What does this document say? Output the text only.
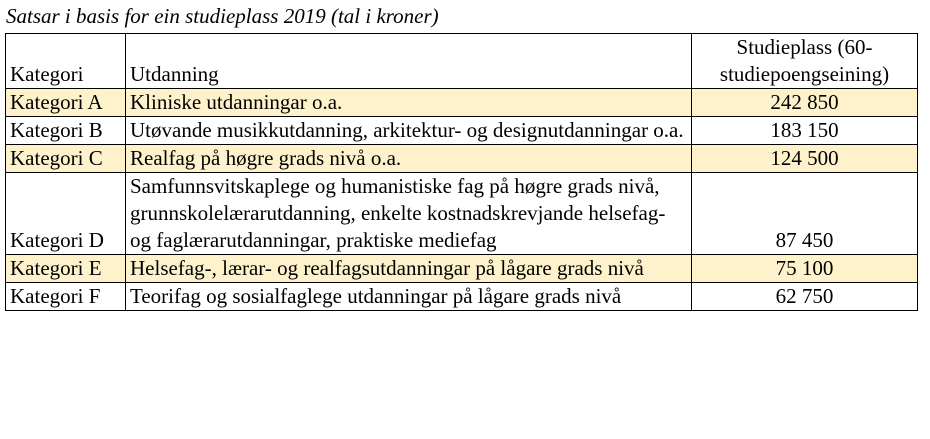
Satsar i basis for ein studieplass 2019 (tal i kroner)
Kategori	Utdanning	Studieplass (60-studiepoengseining)
Kategori A	Kliniske utdanningar o.a.	242 850
Kategori B	Utøvande musikkutdanning, arkitektur- og designutdanningar o.a.	183 150
Kategori C	Realfag på høgre grads nivå o.a.	124 500
Kategori D	Samfunnsvitskaplege og humanistiske fag på høgre grads nivå, grunnskolelærarutdanning, enkelte kostnadskrevjande helsefag- og faglærarutdanningar, praktiske mediefag	87 450
Kategori E	Helsefag-, lærar- og realfagsutdanningar på lågare grads nivå	75 100
Kategori F	Teorifag og sosialfaglege utdanningar på lågare grads nivå	62 750
